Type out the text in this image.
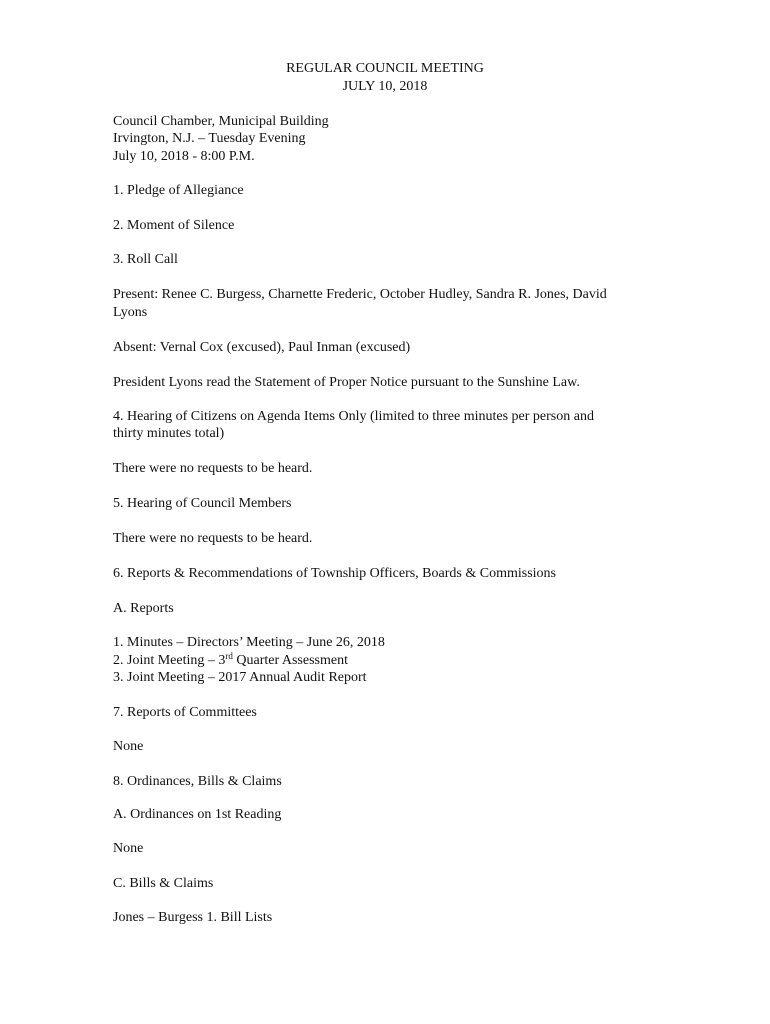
REGULAR COUNCIL MEETING
JULY 10, 2018
Council Chamber, Municipal Building
Irvington, N.J. – Tuesday Evening
July 10, 2018 - 8:00 P.M.
1. Pledge of Allegiance
2. Moment of Silence
3. Roll Call
Present: Renee C. Burgess, Charnette Frederic, October Hudley, Sandra R. Jones, David
Lyons
Absent: Vernal Cox (excused), Paul Inman (excused)
President Lyons read the Statement of Proper Notice pursuant to the Sunshine Law.
4. Hearing of Citizens on Agenda Items Only (limited to three minutes per person and
thirty minutes total)
There were no requests to be heard.
5. Hearing of Council Members
There were no requests to be heard.
6. Reports & Recommendations of Township Officers, Boards & Commissions
A. Reports
1. Minutes – Directors’ Meeting – June 26, 2018
2. Joint Meeting – 3rd Quarter Assessment
3. Joint Meeting – 2017 Annual Audit Report
7. Reports of Committees
None
8. Ordinances, Bills & Claims
A. Ordinances on 1st Reading
None
C. Bills & Claims
Jones – Burgess 1. Bill Lists
